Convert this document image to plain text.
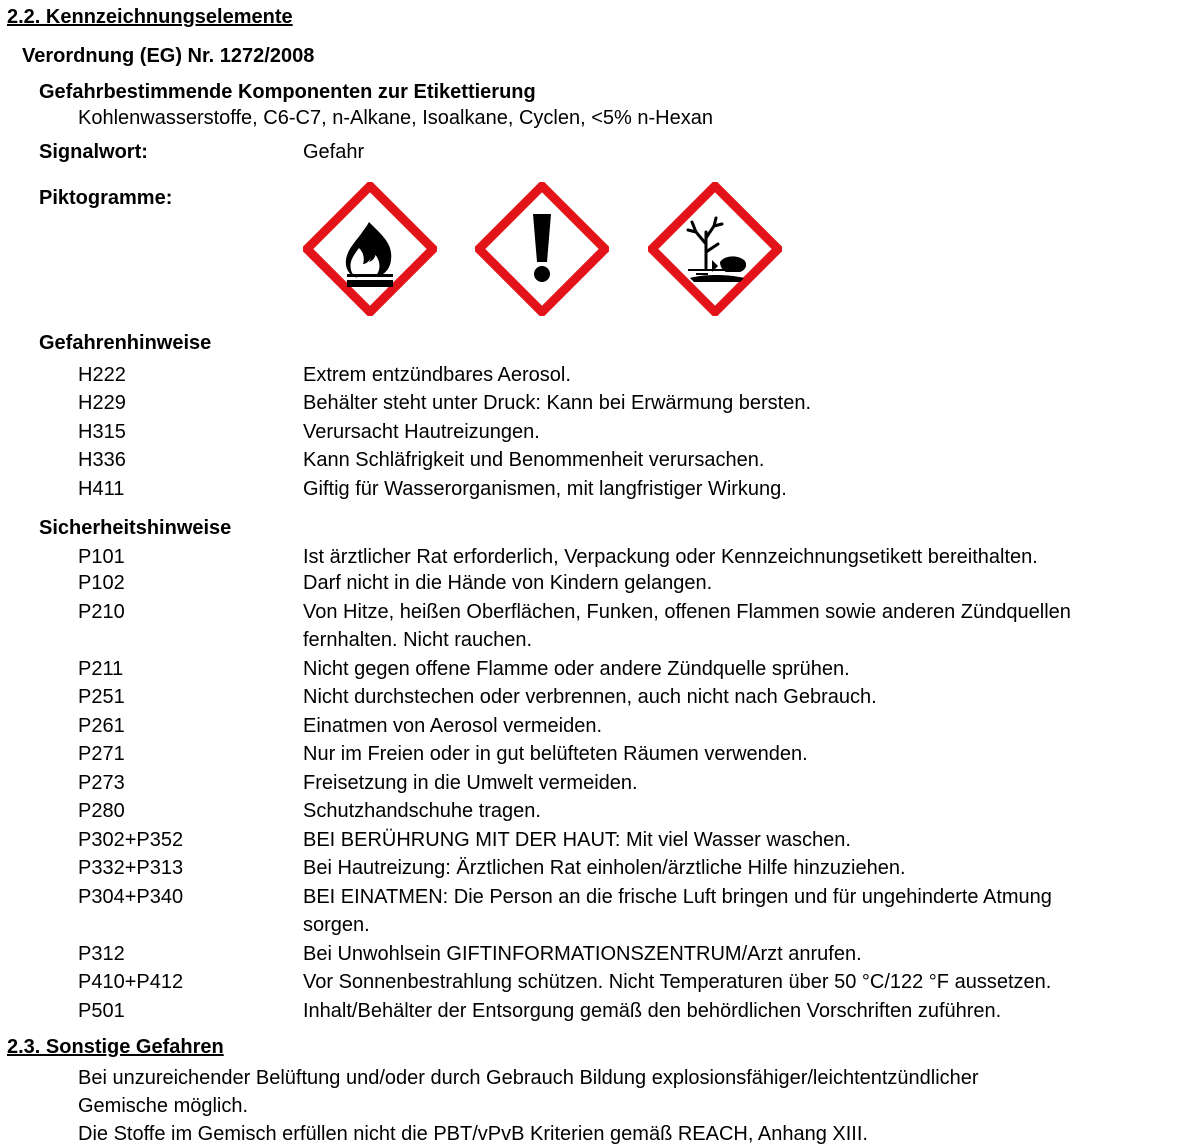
2.2. Kennzeichnungselemente
Verordnung (EG) Nr. 1272/2008
Gefahrbestimmende Komponenten zur Etikettierung
Kohlenwasserstoffe, C6-C7, n-Alkane, Isoalkane, Cyclen, <5% n-Hexan
Signalwort:	Gefahr
Piktogramme:
Gefahrenhinweise
H222	Extrem entzündbares Aerosol.
H229	Behälter steht unter Druck: Kann bei Erwärmung bersten.
H315	Verursacht Hautreizungen.
H336	Kann Schläfrigkeit und Benommenheit verursachen.
H411	Giftig für Wasserorganismen, mit langfristiger Wirkung.
Sicherheitshinweise
P101	Ist ärztlicher Rat erforderlich, Verpackung oder Kennzeichnungsetikett bereithalten.
P102	Darf nicht in die Hände von Kindern gelangen.
P210	Von Hitze, heißen Oberflächen, Funken, offenen Flammen sowie anderen Zündquellen
fernhalten. Nicht rauchen.
P211	Nicht gegen offene Flamme oder andere Zündquelle sprühen.
P251	Nicht durchstechen oder verbrennen, auch nicht nach Gebrauch.
P261	Einatmen von Aerosol vermeiden.
P271	Nur im Freien oder in gut belüfteten Räumen verwenden.
P273	Freisetzung in die Umwelt vermeiden.
P280	Schutzhandschuhe tragen.
P302+P352	BEI BERÜHRUNG MIT DER HAUT: Mit viel Wasser waschen.
P332+P313	Bei Hautreizung: Ärztlichen Rat einholen/ärztliche Hilfe hinzuziehen.
P304+P340	BEI EINATMEN: Die Person an die frische Luft bringen und für ungehinderte Atmung
sorgen.
P312	Bei Unwohlsein GIFTINFORMATIONSZENTRUM/Arzt anrufen.
P410+P412	Vor Sonnenbestrahlung schützen. Nicht Temperaturen über 50 °C/122 °F aussetzen.
P501	Inhalt/Behälter der Entsorgung gemäß den behördlichen Vorschriften zuführen.
2.3. Sonstige Gefahren
Bei unzureichender Belüftung und/oder durch Gebrauch Bildung explosionsfähiger/leichtentzündlicher
Gemische möglich.
Die Stoffe im Gemisch erfüllen nicht die PBT/vPvB Kriterien gemäß REACH, Anhang XIII.
